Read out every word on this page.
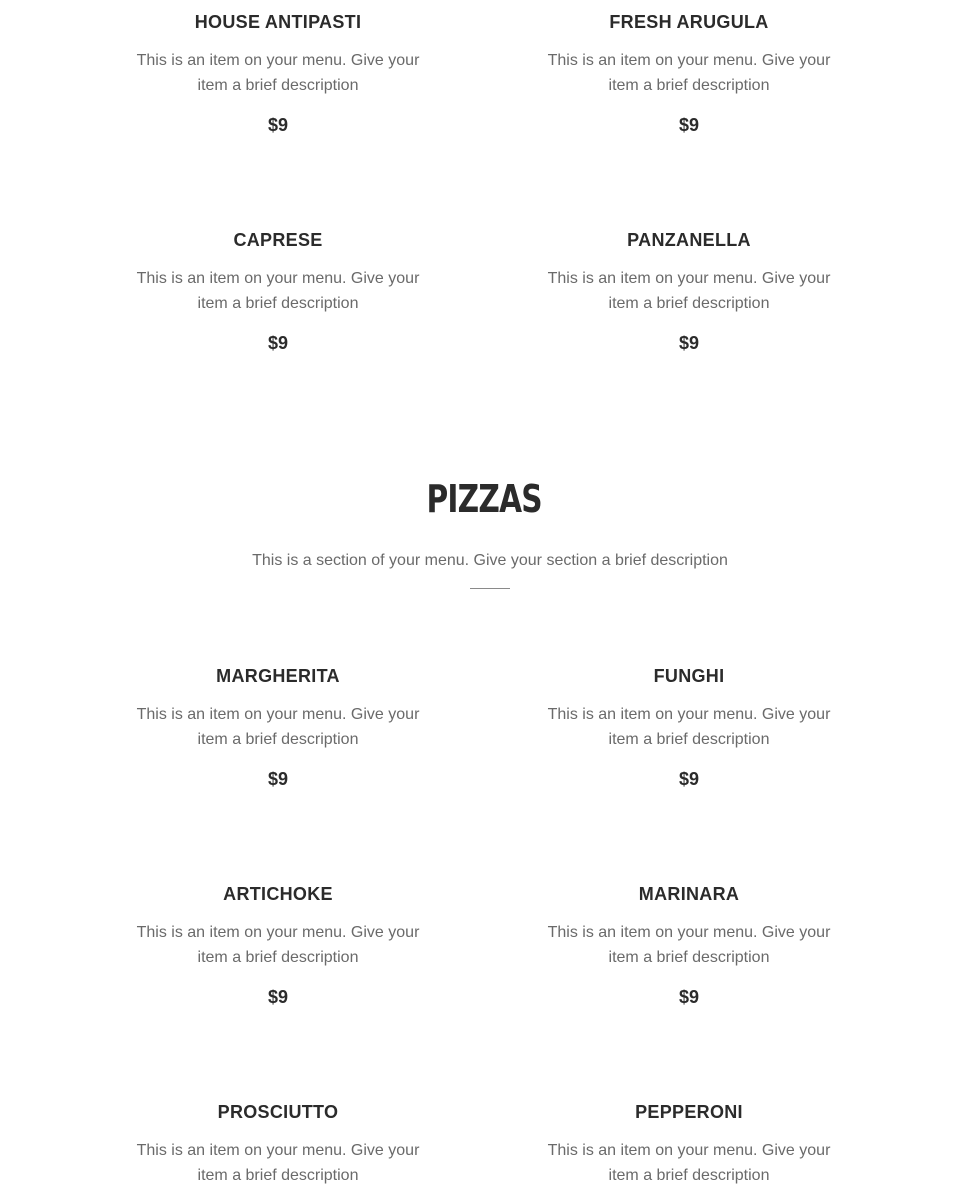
HOUSE ANTIPASTI
This is an item on your menu. Give your item a brief description
$9
FRESH ARUGULA
This is an item on your menu. Give your item a brief description
$9
CAPRESE
This is an item on your menu. Give your item a brief description
$9
PANZANELLA
This is an item on your menu. Give your item a brief description
$9
PIZZAS
This is a section of your menu. Give your section a brief description
MARGHERITA
This is an item on your menu. Give your item a brief description
$9
FUNGHI
This is an item on your menu. Give your item a brief description
$9
ARTICHOKE
This is an item on your menu. Give your item a brief description
$9
MARINARA
This is an item on your menu. Give your item a brief description
$9
PROSCIUTTO
This is an item on your menu. Give your item a brief description
PEPPERONI
This is an item on your menu. Give your item a brief description
